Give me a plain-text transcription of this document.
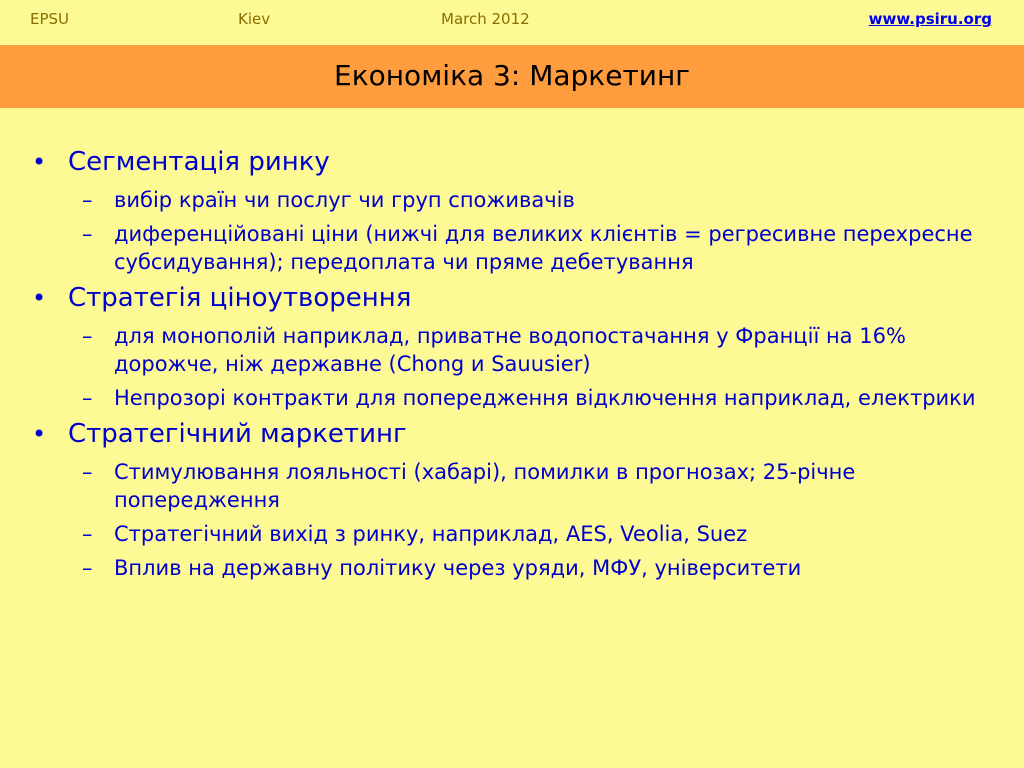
EPSU	Kiev	March 2012	www.psiru.org
Економіка 3: Маркетинг
• Сегментація ринку
– вибір країн чи послуг чи груп споживачів
– диференційовані ціни (нижчі для великих клієнтів = регресивне перехресне субсидування); передоплата чи пряме дебетування
• Стратегія ціноутворення
– для монополій наприклад, приватне водопостачання у Франції на 16% дорожче, ніж державне (Chong и Sauusier)
– Непрозорі контракти для попередження відключення наприклад, електрики
• Стратегічний маркетинг
– Стимулювання лояльності (хабарі), помилки в прогнозах; 25-річне попередження
– Стратегічний вихід з ринку, наприклад, AES, Veolia, Suez
– Вплив на державну політику через уряди, МФУ, університети
